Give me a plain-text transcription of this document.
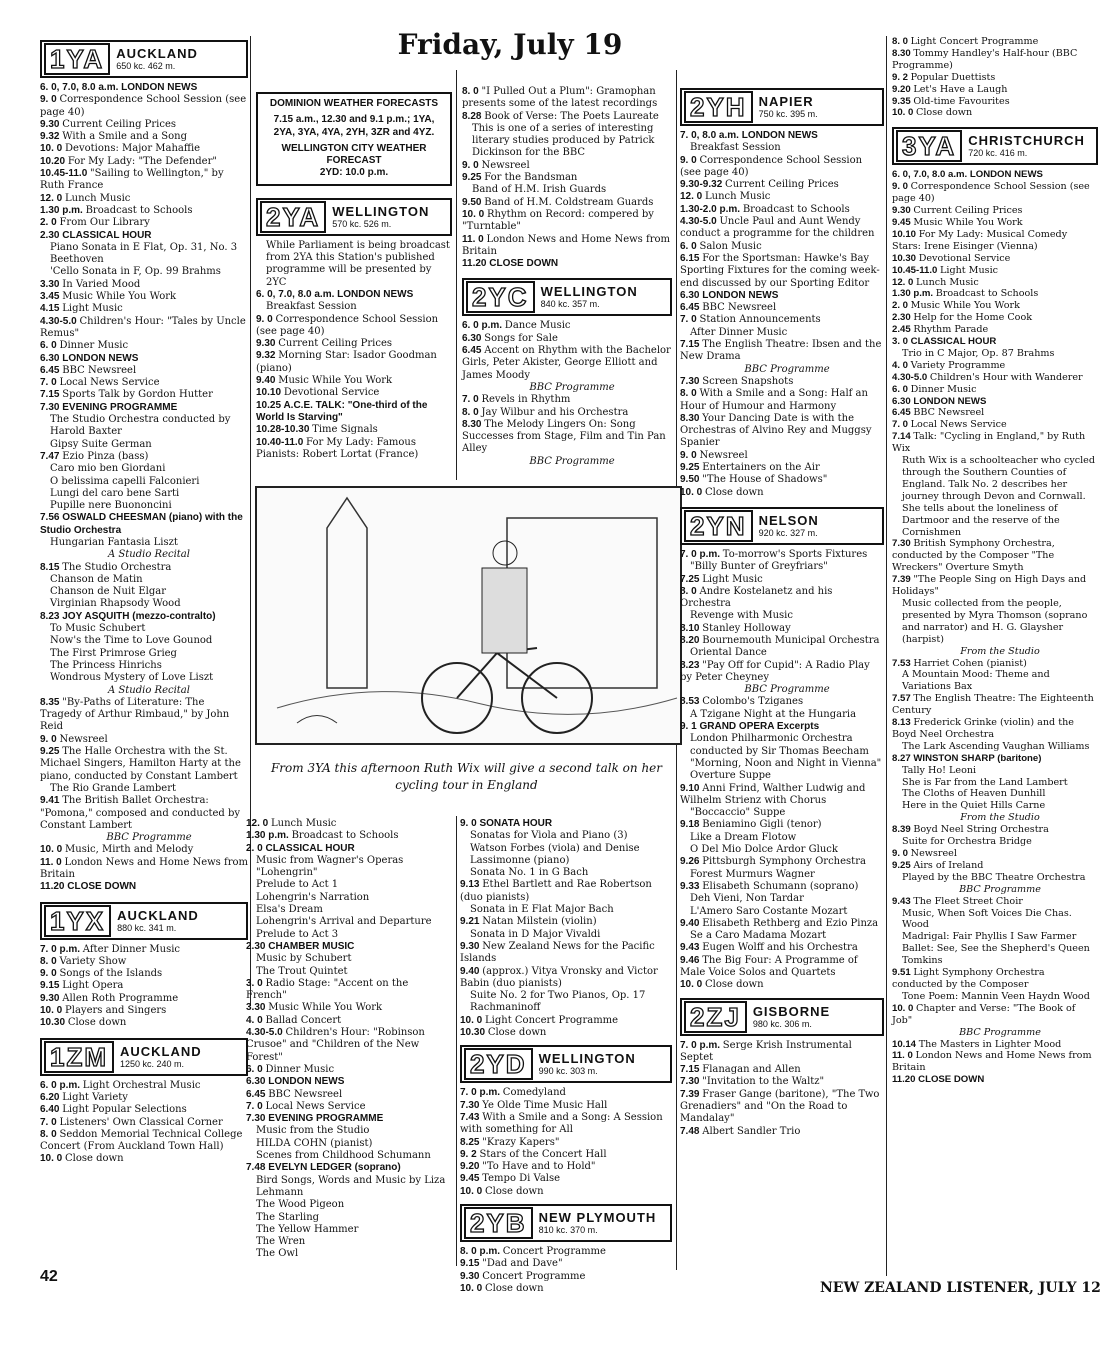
Friday, July 19
1YA AUCKLAND
650 kc. 462 m.

6. 0, 7.0, 8.0 a.m. LONDON NEWS

9. 0 Correspondence School Session (see page 40)

9.30 Current Ceiling Prices

9.32 With a Smile and a Song

10. 0 Devotions: Major Mahaffie

10.20 For My Lady: "The Defender"

10.45-11.0 "Sailing to Wellington," by Ruth France

12. 0 Lunch Music

1.30 p.m. Broadcast to Schools

2. 0 From Our Library

2.30 CLASSICAL HOUR

Piano Sonata in E Flat, Op. 31, No. 3 Beethoven

'Cello Sonata in F, Op. 99 Brahms

3.30 In Varied Mood

3.45 Music While You Work

4.15 Light Music

4.30-5.0 Children's Hour: "Tales by Uncle Remus"

6. 0 Dinner Music

6.30 LONDON NEWS

6.45 BBC Newsreel

7. 0 Local News Service

7.15 Sports Talk by Gordon Hutter

7.30 EVENING PROGRAMME

The Studio Orchestra conducted by Harold Baxter

Gipsy Suite German

7.47 Ezio Pinza (bass)

Caro mio ben Giordani

O belissima capelli Falconieri

Lungi del caro bene Sarti

Pupille nere Buononcini

7.56 OSWALD CHEESMAN (piano) with the Studio Orchestra

Hungarian Fantasia Liszt

A Studio Recital

8.15 The Studio Orchestra

Chanson de Matin

Chanson de Nuit Elgar

Virginian Rhapsody Wood

8.23 JOY ASQUITH (mezzo-contralto)

To Music Schubert

Now's the Time to Love Gounod

The First Primrose Grieg

The Princess Hinrichs

Wondrous Mystery of Love Liszt

A Studio Recital

8.35 "By-Paths of Literature: The Tragedy of Arthur Rimbaud," by John Reid

9. 0 Newsreel

9.25 The Halle Orchestra with the St. Michael Singers, Hamilton Harty at the piano, conducted by Constant Lambert

The Rio Grande Lambert

9.41 The British Ballet Orchestra: "Pomona," composed and conducted by Constant Lambert

BBC Programme

10. 0 Music, Mirth and Melody

11. 0 London News and Home News from Britain

11.20 CLOSE DOWN

1YX AUCKLAND
880 kc. 341 m.

7. 0 p.m. After Dinner Music

8. 0 Variety Show

9. 0 Songs of the Islands

9.15 Light Opera

9.30 Allen Roth Programme

10. 0 Players and Singers

10.30 Close down

1ZM AUCKLAND
1250 kc. 240 m.

6. 0 p.m. Light Orchestral Music

6.20 Light Variety

6.40 Light Popular Selections

7. 0 Listeners' Own Classical Corner

8. 0 Seddon Memorial Technical College Concert (From Auckland Town Hall)

10. 0 Close down

DOMINION WEATHER FORECASTS
7.15 a.m., 12.30 and 9.1 p.m.; 1YA, 2YA, 3YA, 4YA, 2YH, 3ZR and 4YZ.
WELLINGTON CITY WEATHER FORECAST
2YD: 10.0 p.m.
2YA WELLINGTON
570 kc. 526 m.

While Parliament is being broadcast from 2YA this Station's published programme will be presented by 2YC

6. 0, 7.0, 8.0 a.m. LONDON NEWS

Breakfast Session

9. 0 Correspondence School Session (see page 40)

9.30 Current Ceiling Prices

9.32 Morning Star: Isador Goodman (piano)

9.40 Music While You Work

10.10 Devotional Service

10.25 A.C.E. TALK: "One-third of the World Is Starving"

10.28-10.30 Time Signals

10.40-11.0 For My Lady: Famous Pianists: Robert Lortat (France)

8. 0 "I Pulled Out a Plum": Gramophan presents some of the latest recordings

8.28 Book of Verse: The Poets Laureate

This is one of a series of interesting literary studies produced by Patrick Dickinson for the BBC

9. 0 Newsreel

9.25 For the Bandsman

Band of H.M. Irish Guards

9.50 Band of H.M. Coldstream Guards

10. 0 Rhythm on Record: compered by "Turntable"

11. 0 London News and Home News from Britain

11.20 CLOSE DOWN

2YC WELLINGTON
840 kc. 357 m.

6. 0 p.m. Dance Music

6.30 Songs for Sale

6.45 Accent on Rhythm with the Bachelor Girls, Peter Akister, George Elliott and James Moody

BBC Programme

7. 0 Revels in Rhythm

8. 0 Jay Wilbur and his Orchestra

8.30 The Melody Lingers On: Song Successes from Stage, Film and Tin Pan Alley

BBC Programme

From 3YA this afternoon Ruth Wix will give a second talk on her cycling tour in England

12. 0 Lunch Music

1.30 p.m. Broadcast to Schools

2. 0 CLASSICAL HOUR

Music from Wagner's Operas "Lohengrin"

Prelude to Act 1

Lohengrin's Narration

Elsa's Dream

Lohengrin's Arrival and Departure

Prelude to Act 3

2.30 CHAMBER MUSIC

Music by Schubert

The Trout Quintet

3. 0 Radio Stage: "Accent on the French"

3.30 Music While You Work

4. 0 Ballad Concert

4.30-5.0 Children's Hour: "Robinson Crusoe" and "Children of the New Forest"

6. 0 Dinner Music

6.30 LONDON NEWS

6.45 BBC Newsreel

7. 0 Local News Service

7.30 EVENING PROGRAMME

Music from the Studio

HILDA COHN (pianist)

Scenes from Childhood Schumann

7.48 EVELYN LEDGER (soprano)

Bird Songs, Words and Music by Liza Lehmann

The Wood Pigeon

The Starling

The Yellow Hammer

The Wren

The Owl

9. 0 SONATA HOUR

Sonatas for Viola and Piano (3)

Watson Forbes (viola) and Denise Lassimonne (piano)

Sonata No. 1 in G Bach

9.13 Ethel Bartlett and Rae Robertson (duo pianists)

Sonata in E Flat Major Bach

9.21 Natan Milstein (violin)

Sonata in D Major Vivaldi

9.30 New Zealand News for the Pacific Islands

9.40 (approx.) Vitya Vronsky and Victor Babin (duo pianists)

Suite No. 2 for Two Pianos, Op. 17 Rachmaninoff

10. 0 Light Concert Programme

10.30 Close down

2YD WELLINGTON
990 kc. 303 m.

7. 0 p.m. Comedyland

7.30 Ye Olde Time Music Hall

7.43 With a Smile and a Song: A Session with something for All

8.25 "Krazy Kapers"

9. 2 Stars of the Concert Hall

9.20 "To Have and to Hold"

9.45 Tempo Di Valse

10. 0 Close down

2YB NEW PLYMOUTH
810 kc. 370 m.

8. 0 p.m. Concert Programme

9.15 "Dad and Dave"

9.30 Concert Programme

10. 0 Close down

2YH NAPIER
750 kc. 395 m.

7. 0, 8.0 a.m. LONDON NEWS

Breakfast Session

9. 0 Correspondence School Session (see page 40)

9.30-9.32 Current Ceiling Prices

12. 0 Lunch Music

1.30-2.0 p.m. Broadcast to Schools

4.30-5.0 Uncle Paul and Aunt Wendy conduct a programme for the children

6. 0 Salon Music

6.15 For the Sportsman: Hawke's Bay Sporting Fixtures for the coming week-end discussed by our Sporting Editor

6.30 LONDON NEWS

6.45 BBC Newsreel

7. 0 Station Announcements

After Dinner Music

7.15 The English Theatre: Ibsen and the New Drama

BBC Programme

7.30 Screen Snapshots

8. 0 With a Smile and a Song: Half an Hour of Humour and Harmony

8.30 Your Dancing Date is with the Orchestras of Alvino Rey and Muggsy Spanier

9. 0 Newsreel

9.25 Entertainers on the Air

9.50 "The House of Shadows"

10. 0 Close down

2YN NELSON
920 kc. 327 m.

7. 0 p.m. To-morrow's Sports Fixtures

"Billy Bunter of Greyfriars"

7.25 Light Music

8. 0 Andre Kostelanetz and his Orchestra

Revenge with Music

8.10 Stanley Holloway

8.20 Bournemouth Municipal Orchestra

Oriental Dance

8.23 "Pay Off for Cupid": A Radio Play by Peter Cheyney

BBC Programme

8.53 Colombo's Tziganes

A Tzigane Night at the Hungaria

9. 1 GRAND OPERA Excerpts

London Philharmonic Orchestra conducted by Sir Thomas Beecham

"Morning, Noon and Night in Vienna" Overture Suppe

9.10 Anni Frind, Walther Ludwig and Wilhelm Strienz with Chorus

"Boccaccio" Suppe

9.18 Beniamino Gigli (tenor)

Like a Dream Flotow

O Del Mio Dolce Ardor Gluck

9.26 Pittsburgh Symphony Orchestra

Forest Murmurs Wagner

9.33 Elisabeth Schumann (soprano)

Deh Vieni, Non Tardar

L'Amero Saro Costante Mozart

9.40 Elisabeth Rethberg and Ezio Pinza

Se a Caro Madama Mozart

9.43 Eugen Wolff and his Orchestra

9.46 The Big Four: A Programme of Male Voice Solos and Quartets

10. 0 Close down

2ZJ GISBORNE
980 kc. 306 m.

7. 0 p.m. Serge Krish Instrumental Septet

7.15 Flanagan and Allen

7.30 "Invitation to the Waltz"

7.39 Fraser Gange (baritone), "The Two Grenadiers" and "On the Road to Mandalay"

7.48 Albert Sandler Trio

8. 0 Light Concert Programme

8.30 Tommy Handley's Half-hour (BBC Programme)

9. 2 Popular Duettists

9.20 Let's Have a Laugh

9.35 Old-time Favourites

10. 0 Close down

3YA CHRISTCHURCH
720 kc. 416 m.

6. 0, 7.0, 8.0 a.m. LONDON NEWS

9. 0 Correspondence School Session (see page 40)

9.30 Current Ceiling Prices

9.45 Music While You Work

10.10 For My Lady: Musical Comedy Stars: Irene Eisinger (Vienna)

10.30 Devotional Service

10.45-11.0 Light Music

12. 0 Lunch Music

1.30 p.m. Broadcast to Schools

2. 0 Music While You Work

2.30 Help for the Home Cook

2.45 Rhythm Parade

3. 0 CLASSICAL HOUR

Trio in C Major, Op. 87 Brahms

4. 0 Variety Programme

4.30-5.0 Children's Hour with Wanderer

6. 0 Dinner Music

6.30 LONDON NEWS

6.45 BBC Newsreel

7. 0 Local News Service

7.14 Talk: "Cycling in England," by Ruth Wix

Ruth Wix is a schoolteacher who cycled through the Southern Counties of England. Talk No. 2 describes her journey through Devon and Cornwall. She tells about the loneliness of Dartmoor and the reserve of the Cornishmen

7.30 British Symphony Orchestra, conducted by the Composer "The Wreckers" Overture Smyth

7.39 "The People Sing on High Days and Holidays"

Music collected from the people, presented by Myra Thomson (soprano and narrator) and H. G. Glaysher (harpist)

From the Studio

7.53 Harriet Cohen (pianist)

A Mountain Mood: Theme and Variations Bax

7.57 The English Theatre: The Eighteenth Century

8.13 Frederick Grinke (violin) and the Boyd Neel Orchestra

The Lark Ascending Vaughan Williams

8.27 WINSTON SHARP (baritone)

Tally Ho! Leoni

She is Far from the Land Lambert

The Cloths of Heaven Dunhill

Here in the Quiet Hills Carne

From the Studio

8.39 Boyd Neel String Orchestra

Suite for Orchestra Bridge

9. 0 Newsreel

9.25 Airs of Ireland

Played by the BBC Theatre Orchestra

BBC Programme

9.43 The Fleet Street Choir

Music, When Soft Voices Die Chas. Wood

Madrigal: Fair Phyllis I Saw Farmer

Ballet: See, See the Shepherd's Queen Tomkins

9.51 Light Symphony Orchestra conducted by the Composer

Tone Poem: Mannin Veen Haydn Wood

10. 0 Chapter and Verse: "The Book of Job"

BBC Programme

10.14 The Masters in Lighter Mood

11. 0 London News and Home News from Britain

11.20 CLOSE DOWN

42
NEW ZEALAND LISTENER, JULY 12
